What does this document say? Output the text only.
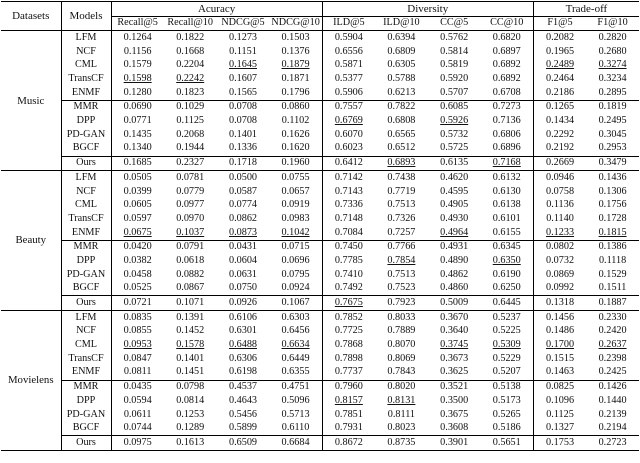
Datasets	Models	Acuracy				Diversity				Trade-off	
		Recall@5	Recall@10	NDCG@5	NDCG@10	ILD@5	ILD@10	CC@5	CC@10	F1@5	F1@10
Music	LFM	0.1264	0.1822	0.1273	0.1503	0.5904	0.6394	0.5762	0.6820	0.2082	0.2820
	NCF	0.1156	0.1668	0.1151	0.1376	0.6556	0.6809	0.5814	0.6897	0.1965	0.2680
	CML	0.1579	0.2204	0.1645	0.1879	0.5871	0.6305	0.5819	0.6892	0.2489	0.3274
	TransCF	0.1598	0.2242	0.1607	0.1871	0.5377	0.5788	0.5920	0.6892	0.2464	0.3234
	ENMF	0.1280	0.1823	0.1565	0.1796	0.5906	0.6213	0.5707	0.6708	0.2186	0.2895
	MMR	0.0690	0.1029	0.0708	0.0860	0.7557	0.7822	0.6085	0.7273	0.1265	0.1819
	DPP	0.0771	0.1125	0.0708	0.1102	0.6769	0.6808	0.5926	0.7136	0.1434	0.2495
	PD-GAN	0.1435	0.2068	0.1401	0.1626	0.6070	0.6565	0.5732	0.6806	0.2292	0.3045
	BGCF	0.1340	0.1944	0.1336	0.1620	0.6023	0.6512	0.5725	0.6896	0.2192	0.2953
	Ours	0.1685	0.2327	0.1718	0.1960	0.6412	0.6893	0.6135	0.7168	0.2669	0.3479
Beauty	LFM	0.0505	0.0781	0.0500	0.0755	0.7142	0.7438	0.4620	0.6132	0.0946	0.1436
	NCF	0.0399	0.0779	0.0587	0.0657	0.7143	0.7719	0.4595	0.6130	0.0758	0.1306
	CML	0.0605	0.0977	0.0774	0.0919	0.7336	0.7513	0.4905	0.6138	0.1136	0.1756
	TransCF	0.0597	0.0970	0.0862	0.0983	0.7148	0.7326	0.4930	0.6101	0.1140	0.1728
	ENMF	0.0675	0.1037	0.0873	0.1042	0.7084	0.7257	0.4964	0.6155	0.1233	0.1815
	MMR	0.0420	0.0791	0.0431	0.0715	0.7450	0.7766	0.4931	0.6345	0.0802	0.1386
	DPP	0.0382	0.0618	0.0604	0.0696	0.7785	0.7854	0.4890	0.6350	0.0732	0.1118
	PD-GAN	0.0458	0.0882	0.0631	0.0795	0.7410	0.7513	0.4862	0.6190	0.0869	0.1529
	BGCF	0.0525	0.0867	0.0750	0.0924	0.7492	0.7523	0.4860	0.6250	0.0992	0.1511
	Ours	0.0721	0.1071	0.0926	0.1067	0.7675	0.7923	0.5009	0.6445	0.1318	0.1887
Movielens	LFM	0.0835	0.1391	0.6106	0.6303	0.7852	0.8033	0.3670	0.5237	0.1456	0.2330
	NCF	0.0855	0.1452	0.6301	0.6456	0.7725	0.7889	0.3640	0.5225	0.1486	0.2420
	CML	0.0953	0.1578	0.6488	0.6634	0.7868	0.8070	0.3745	0.5309	0.1700	0.2637
	TransCF	0.0847	0.1401	0.6306	0.6449	0.7898	0.8069	0.3673	0.5229	0.1515	0.2398
	ENMF	0.0811	0.1451	0.6198	0.6355	0.7737	0.7843	0.3625	0.5207	0.1463	0.2425
	MMR	0.0435	0.0798	0.4537	0.4751	0.7960	0.8020	0.3521	0.5138	0.0825	0.1426
	DPP	0.0594	0.0814	0.4643	0.5096	0.8157	0.8131	0.3500	0.5173	0.1096	0.1440
	PD-GAN	0.0611	0.1253	0.5456	0.5713	0.7851	0.8111	0.3675	0.5265	0.1125	0.2139
	BGCF	0.0744	0.1289	0.5899	0.6110	0.7931	0.8023	0.3608	0.5186	0.1327	0.2194
	Ours	0.0975	0.1613	0.6509	0.6684	0.8672	0.8735	0.3901	0.5651	0.1753	0.2723
